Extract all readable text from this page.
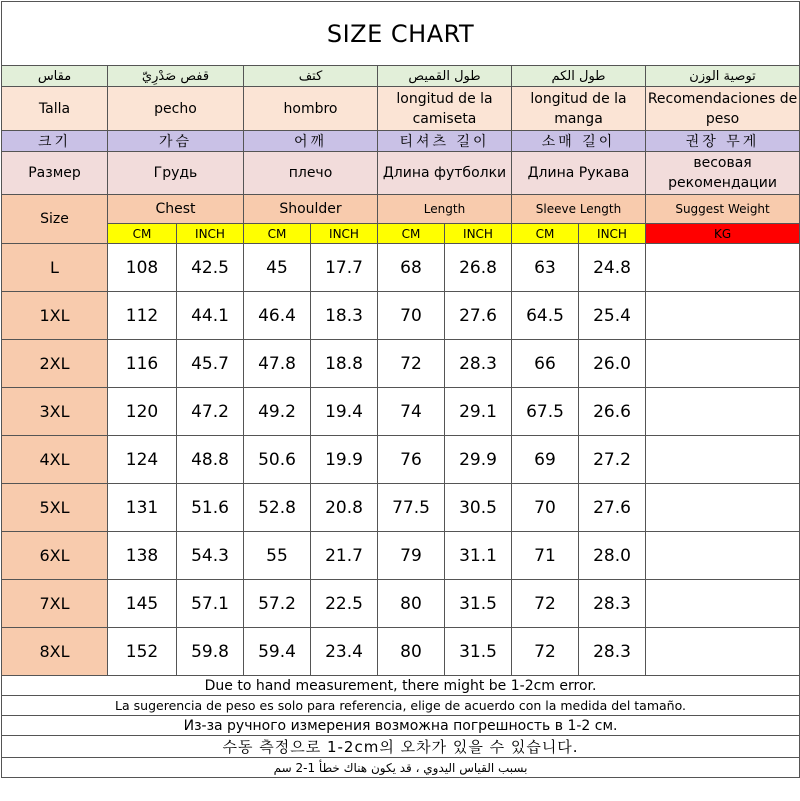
SIZE CHART									
مقاس	قفص صَدْرِيّ		كتف		طول القميص		طول الكم		توصية الوزن
Talla	pecho		hombro		longitud de la camiseta		longitud de la manga		Recomendaciones de peso
크기	가슴		어깨		티셔츠 길이		소매 길이		권장 무게
Размер	Грудь		плечо		Длина футболки		Длина Рукава		весовая рекомендации
Size	Chest		Shoulder		Length		Sleeve Length		Suggest Weight
	CM	INCH	CM	INCH	CM	INCH	CM	INCH	KG
L	108	42.5	45	17.7	68	26.8	63	24.8	
1XL	112	44.1	46.4	18.3	70	27.6	64.5	25.4	
2XL	116	45.7	47.8	18.8	72	28.3	66	26.0	
3XL	120	47.2	49.2	19.4	74	29.1	67.5	26.6	
4XL	124	48.8	50.6	19.9	76	29.9	69	27.2	
5XL	131	51.6	52.8	20.8	77.5	30.5	70	27.6	
6XL	138	54.3	55	21.7	79	31.1	71	28.0	
7XL	145	57.1	57.2	22.5	80	31.5	72	28.3	
8XL	152	59.8	59.4	23.4	80	31.5	72	28.3	
Due to hand measurement, there might be 1-2cm error.									
La sugerencia de peso es solo para referencia, elige de acuerdo con la medida del tamaño.									
Из-за ручного измерения возможна погрешность в 1-2 см.									
수동 측정으로 1-2cm의 오차가 있을 수 있습니다.									
بسبب القياس اليدوي ، قد يكون هناك خطأ 1-2 سم									
